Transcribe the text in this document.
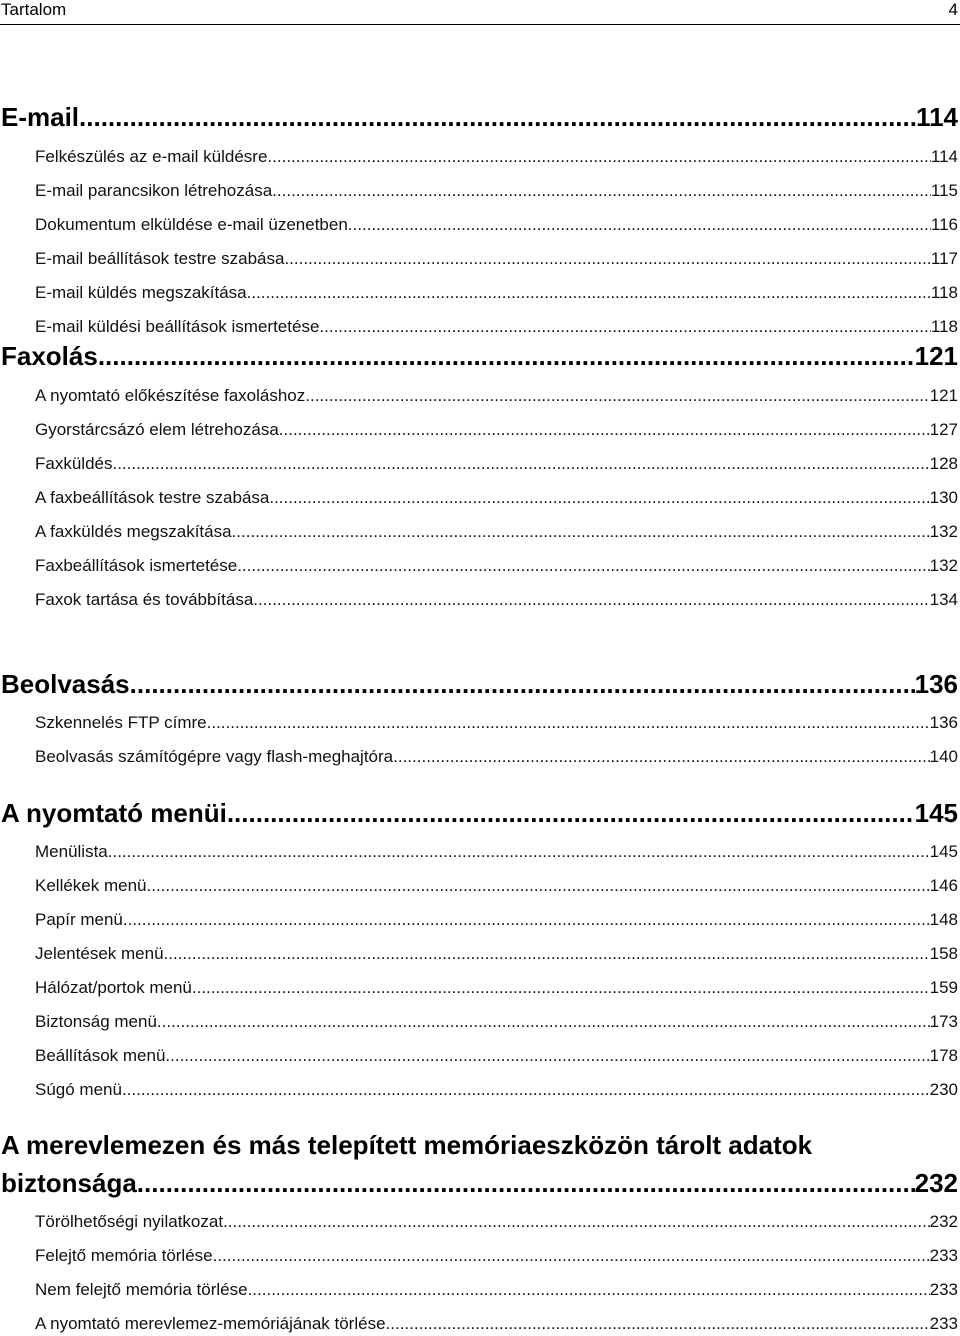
Tartalom	4
E-mail .....	114
Felkészülés az e-mail küldésre .....	114
E-mail parancsikon létrehozása .....	115
Dokumentum elküldése e-mail üzenetben .....	116
E-mail beállítások testre szabása .....	117
E-mail küldés megszakítása .....	118
E-mail küldési beállítások ismertetése .....	118
Faxolás .....	121
A nyomtató előkészítése faxoláshoz .....	121
Gyorstárcsázó elem létrehozása .....	127
Faxküldés .....	128
A faxbeállítások testre szabása .....	130
A faxküldés megszakítása .....	132
Faxbeállítások ismertetése .....	132
Faxok tartása és továbbítása .....	134
Beolvasás .....	136
Szkennelés FTP címre .....	136
Beolvasás számítógépre vagy flash-meghajtóra .....	140
A nyomtató menüi .....	145
Menülista .....	145
Kellékek menü .....	146
Papír menü .....	148
Jelentések menü .....	158
Hálózat/portok menü .....	159
Biztonság menü .....	173
Beállítások menü .....	178
Súgó menü .....	230
A merevlemezen és más telepített memóriaeszközön tárolt adatok
biztonsága .....	232
Törölhetőségi nyilatkozat .....	232
Felejtő memória törlése .....	233
Nem felejtő memória törlése .....	233
A nyomtató merevlemez-memóriájának törlése .....	233
